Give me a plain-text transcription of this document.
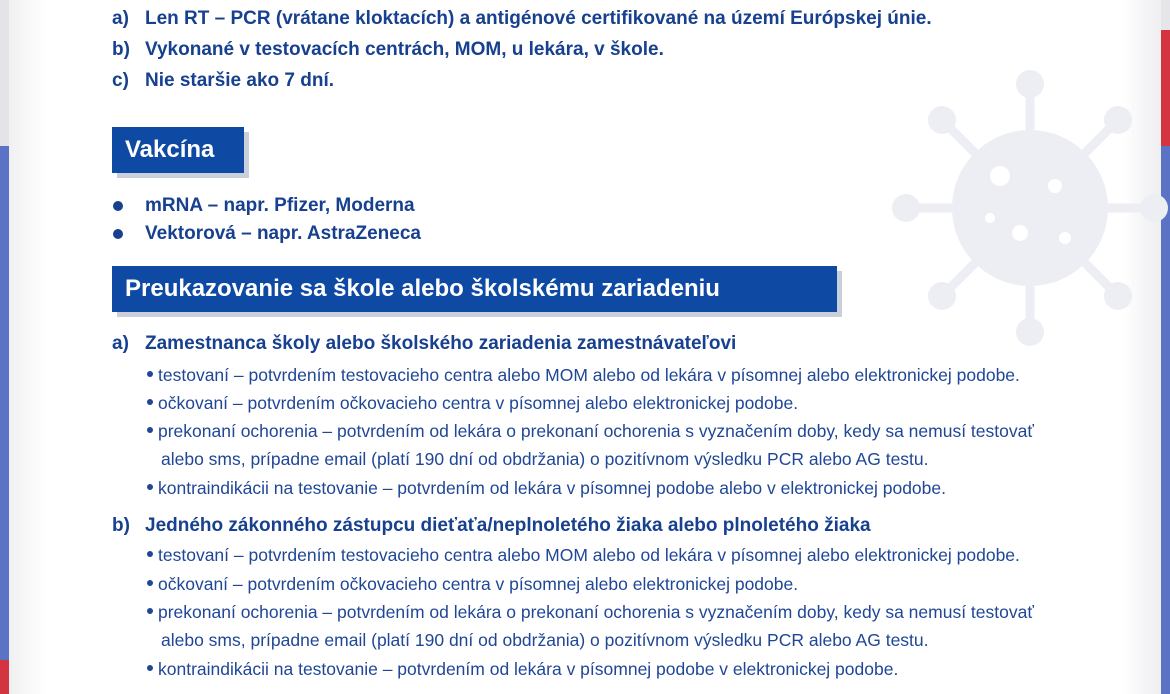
a) Len RT – PCR (vrátane kloktacích) a antigénové certifikované na území Európskej únie.
b) Vykonané v testovacích centrách, MOM, u lekára, v škole.
c) Nie staršie ako 7 dní.
Vakcína
mRNA – napr. Pfizer, Moderna
Vektorová – napr. AstraZeneca
Preukazovanie sa škole alebo školskému zariadeniu
a) Zamestnanca školy alebo školského zariadenia zamestnávateľovi
testovaní – potvrdením testovacieho centra alebo MOM alebo od lekára v písomnej alebo elektronickej podobe.
očkovaní – potvrdením očkovacieho centra v písomnej alebo elektronickej podobe.
prekonaní ochorenia – potvrdením od lekára o prekonaní ochorenia s vyznačením doby, kedy sa nemusí testovať
alebo sms, prípadne email (platí 190 dní od obdržania) o pozitívnom výsledku PCR alebo AG testu.
kontraindikácii na testovanie – potvrdením od lekára v písomnej podobe alebo v elektronickej podobe.
b) Jedného zákonného zástupcu dieťaťa/neplnoletého žiaka alebo plnoletého žiaka
testovaní – potvrdením testovacieho centra alebo MOM alebo od lekára v písomnej alebo elektronickej podobe.
očkovaní – potvrdením očkovacieho centra v písomnej alebo elektronickej podobe.
prekonaní ochorenia – potvrdením od lekára o prekonaní ochorenia s vyznačením doby, kedy sa nemusí testovať
alebo sms, prípadne email (platí 190 dní od obdržania) o pozitívnom výsledku PCR alebo AG testu.
kontraindikácii na testovanie – potvrdením od lekára v písomnej podobe v elektronickej podobe.
